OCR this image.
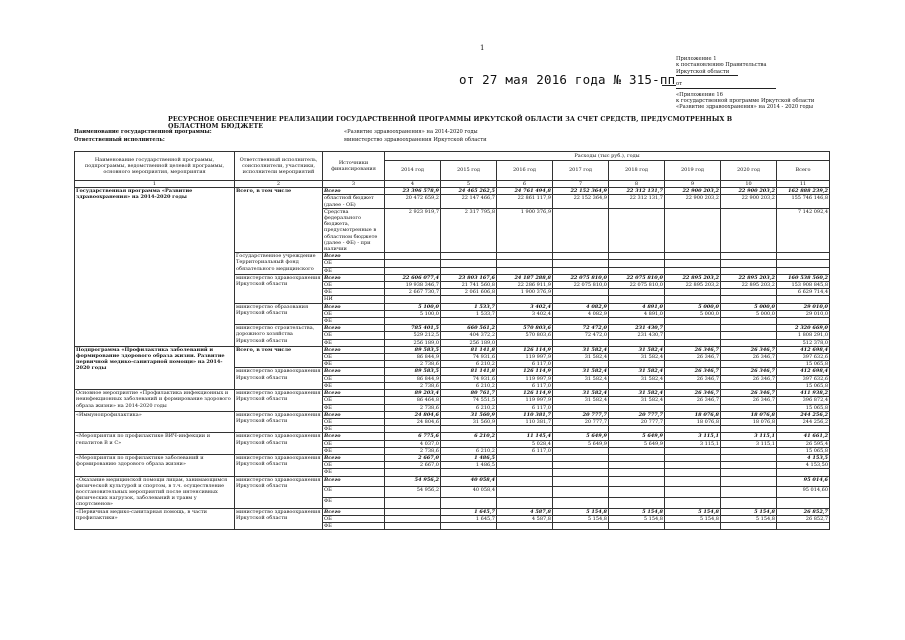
1
от 27 мая 2016 года № 315-пп
Приложение 1
к постановлению Правительства
Иркутской области
от
«Приложение 16
к государственной программе Иркутской области
«Развитие здравоохранения» на 2014 - 2020 годы
РЕСУРСНОЕ ОБЕСПЕЧЕНИЕ РЕАЛИЗАЦИИ ГОСУДАРСТВЕННОЙ ПРОГРАММЫ ИРКУТСКОЙ ОБЛАСТИ ЗА СЧЕТ СРЕДСТВ, ПРЕДУСМОТРЕННЫХ В ОБЛАСТНОМ БЮДЖЕТЕ
Наименование государственной программы:	«Развитие здравоохранения» на 2014-2020 годы
Ответственный исполнитель:	министерство здравоохранения Иркутской области
Наименование государственной программы, подпрограммы, ведомственной целевой программы, основного мероприятия, мероприятия	Ответственный исполнитель, соисполнители, участники, исполнители мероприятий	Источники финансирования	Расходы (тыс руб.), годы							
			2014 год	2015 год	2016 год	2017 год	2018 год	2019 год	2020 год	Всего
1	2	3	4	5	6	7	8	9	10	11
Государственная программа «Развитие здравоохранения» на 2014-2020 годы	Всего, в том числе	Всего	23 396 578,9	24 465 262,5	24 761 494,8	22 152 364,9	22 312 131,7	22 900 203,2	22 900 203,2	162 888 239,2
		областной бюджет (далее - ОБ)	20 472 659,2	22 147 466,7	22 861 117,9	22 152 364,9	22 312 131,7	22 900 203,2	22 900 203,2	155 746 146,8
		Средства федерального бюджета, предусмотренные в областном бюджете (далее - ФБ) - при наличии	2 923 919,7	2 317 795,8	1 900 376,9					7 142 092,4
	Государственное учреждение Территориальный фонд обязательного медицинского	Всего								
		ОБ								
		ФБ								
	министерство здравоохранения Иркутской области	Всего	22 606 077,4	23 803 167,6	24 187 288,8	22 075 810,0	22 075 810,0	22 895 203,2	22 895 203,2	160 538 560,2
		ОБ	19 938 346,7	21 741 560,8	22 286 911,9	22 075 810,0	22 075 810,0	22 895 203,2	22 895 203,2	153 908 845,8
		ФБ	2 667 730,7	2 061 606,8	1 900 376,9					6 629 714,4
		НИ								
	министерство образования Иркутской области	Всего	5 100,0	1 533,7	3 402,4	4 082,9	4 891,0	5 000,0	5 000,0	29 010,0
		ОБ	5 100,0	1 533,7	3 402,4	4 082,9	4 891,0	5 000,0	5 000,0	29 010,0
		ФБ								
	министерство строительства, дорожного хозяйства Иркутской области	Всего	785 401,5	660 561,2	570 803,6	72 472,0	231 430,7			2 320 669,0
		ОБ	529 212,5	404 372,2	570 803,6	72 472,0	231 430,7			1 808 291,0
		ФБ	256 189,0	256 189,0						512 378,0
Подпрограмма «Профилактика заболеваний и формирование здорового образа жизни. Развитие первичной медико-санитарной помощи» на 2014-2020 годы	Всего, в том числе	Всего	89 583,5	81 141,8	126 114,9	31 582,4	31 582,4	26 346,7	26 346,7	412 698,4
		ОБ	86 844,9	74 931,6	119 997,9	31 582,4	31 582,4	26 346,7	26 346,7	397 632,6
		ФБ	2 738,6	6 210,2	6 117,0					15 065,8
	министерство здравоохранения Иркутской области	Всего	89 583,5	81 141,8	126 114,9	31 582,4	31 582,4	26 346,7	26 346,7	412 698,4
		ОБ	86 844,9	74 931,6	119 997,9	31 582,4	31 582,4	26 346,7	26 346,7	397 632,6
		ФБ	2 738,6	6 210,2	6 117,0					15 065,8
Основное мероприятие «Профилактика инфекционных и неинфекционных заболеваний и формирование здорового образа жизни» на 2014-2020 годы	министерство здравоохранения Иркутской области	Всего	89 203,4	80 761,7	126 114,9	31 582,4	31 582,4	26 346,7	26 346,7	411 938,2
		ОБ	86 464,8	74 551,5	119 997,9	31 582,4	31 582,4	26 346,7	26 346,7	396 872,4
		ФБ	2 738,6	6 210,2	6 117,0					15 065,8
«Иммунопрофилактика»	министерство здравоохранения Иркутской области	Всего	24 804,6	31 560,9	110 381,7	20 777,7	20 777,7	18 076,8	18 076,8	244 256,2
		ОБ	24 804,6	31 560,9	110 381,7	20 777,7	20 777,7	18 076,8	18 076,8	244 256,2
		ФБ								
«Мероприятия по профилактике ВИЧ-инфекции и гепатитов В и С»	министерство здравоохранения Иркутской области	Всего	6 775,6	6 210,2	11 145,4	5 649,9	5 649,9	3 115,1	3 115,1	41 661,2
		ОБ	4 037,0		5 028,4	5 649,9	5 649,9	3 115,1	3 115,1	26 595,4
		ФБ	2 738,6	6 210,2	6 117,0					15 065,8
«Мероприятия по профилактике заболеваний и формированию здорового образа жизни»	министерство здравоохранения Иркутской области	Всего	2 667,0	1 486,5						4 153,5
		ОБ	2 667,0	1 486,5						4 153,50
		ФБ								
«Оказание медицинской помощи лицам, занимающимся физической культурой и спортом, в т.ч. осуществление восстановительных мероприятий после интенсивных физических нагрузок, заболеваний и травм у спортсменов»	министерство здравоохранения Иркутской области	Всего	54 956,2	40 058,4						95 014,6
		ОБ	54 956,2	40 058,4						95 014,60
		ФБ								
«Первичная медико-санитарная помощь, в части профилактики»	министерство здравоохранения Иркутской области	Всего		1 645,7	4 587,8	5 154,8	5 154,8	5 154,8	5 154,8	26 852,7
		ОБ		1 645,7	4 587,8	5 154,8	5 154,8	5 154,8	5 154,8	26 852,7
		ФБ								
